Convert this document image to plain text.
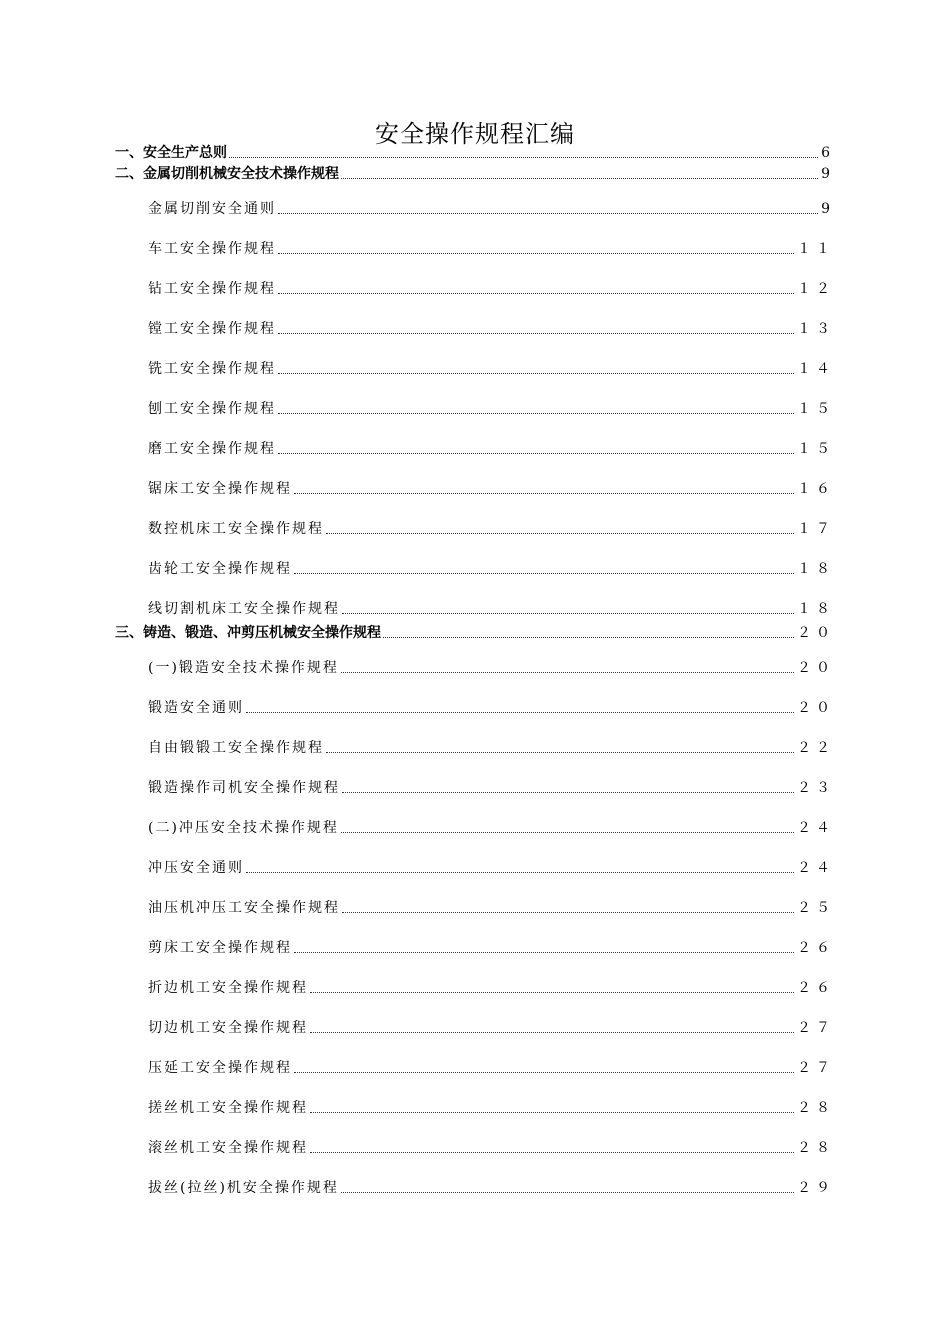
安全操作规程汇编
一、安全生产总则	6
二、金属切削机械安全技术操作规程	9
金属切削安全通则	9
车工安全操作规程	１１
钻工安全操作规程	１２
镗工安全操作规程	１３
铣工安全操作规程	１４
刨工安全操作规程	１５
磨工安全操作规程	１５
锯床工安全操作规程	１６
数控机床工安全操作规程	１７
齿轮工安全操作规程	１８
线切割机床工安全操作规程	１８
三、铸造、锻造、冲剪压机械安全操作规程	２０
(一)锻造安全技术操作规程	２０
锻造安全通则	２０
自由锻锻工安全操作规程	２２
锻造操作司机安全操作规程	２３
(二)冲压安全技术操作规程	２４
冲压安全通则	２４
油压机冲压工安全操作规程	２５
剪床工安全操作规程	２６
折边机工安全操作规程	２６
切边机工安全操作规程	２７
压延工安全操作规程	２７
搓丝机工安全操作规程	２８
滚丝机工安全操作规程	２８
拔丝(拉丝)机安全操作规程	２９
